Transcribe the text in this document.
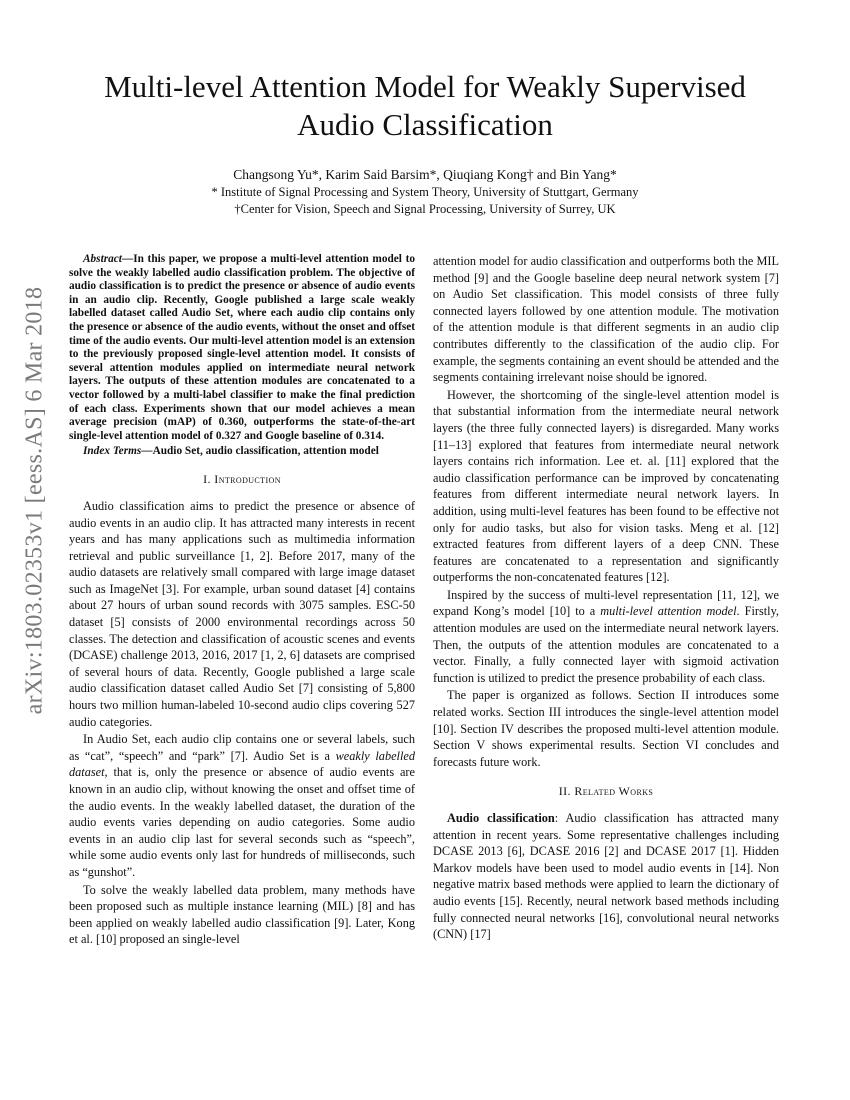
arXiv:1803.02353v1 [eess.AS] 6 Mar 2018
Multi-level Attention Model for Weakly Supervised
Audio Classification
Changsong Yu*, Karim Said Barsim*, Qiuqiang Kong† and Bin Yang*
* Institute of Signal Processing and System Theory, University of Stuttgart, Germany
†Center for Vision, Speech and Signal Processing, University of Surrey, UK

Abstract—In this paper, we propose a multi-level attention model to solve the weakly labelled audio classification problem. The objective of audio classification is to predict the presence or absence of audio events in an audio clip. Recently, Google published a large scale weakly labelled dataset called Audio Set, where each audio clip contains only the presence or absence of the audio events, without the onset and offset time of the audio events. Our multi-level attention model is an extension to the previously proposed single-level attention model. It consists of several attention modules applied on intermediate neural network layers. The outputs of these attention modules are concatenated to a vector followed by a multi-label classifier to make the final prediction of each class. Experiments shown that our model achieves a mean average precision (mAP) of 0.360, outperforms the state-of-the-art single-level attention model of 0.327 and Google baseline of 0.314.

Index Terms—Audio Set, audio classification, attention model

I. Introduction

Audio classification aims to predict the presence or absence of audio events in an audio clip. It has attracted many interests in recent years and has many applications such as multimedia information retrieval and public surveillance [1, 2]. Before 2017, many of the audio datasets are relatively small compared with large image dataset such as ImageNet [3]. For example, urban sound dataset [4] contains about 27 hours of urban sound records with 3075 samples. ESC-50 dataset [5] consists of 2000 environmental recordings across 50 classes. The detection and classification of acoustic scenes and events (DCASE) challenge 2013, 2016, 2017 [1, 2, 6] datasets are comprised of several hours of data. Recently, Google published a large scale audio classification dataset called Audio Set [7] consisting of 5,800 hours two million human-labeled 10-second audio clips covering 527 audio categories.

In Audio Set, each audio clip contains one or several labels, such as “cat”, “speech” and “park” [7]. Audio Set is a weakly labelled dataset, that is, only the presence or absence of audio events are known in an audio clip, without knowing the onset and offset time of the audio events. In the weakly labelled dataset, the duration of the audio events varies depending on audio categories. Some audio events in an audio clip last for several seconds such as “speech”, while some audio events only last for hundreds of milliseconds, such as “gunshot”.

To solve the weakly labelled data problem, many methods have been proposed such as multiple instance learning (MIL) [8] and has been applied on weakly labelled audio classification [9]. Later, Kong et al. [10] proposed an single-level

attention model for audio classification and outperforms both the MIL method [9] and the Google baseline deep neural network system [7] on Audio Set classification. This model consists of three fully connected layers followed by one attention module. The motivation of the attention module is that different segments in an audio clip contributes differently to the classification of the audio clip. For example, the segments containing an event should be attended and the segments containing irrelevant noise should be ignored.

However, the shortcoming of the single-level attention model is that substantial information from the intermediate neural network layers (the three fully connected layers) is disregarded. Many works [11–13] explored that features from intermediate neural network layers contains rich information. Lee et. al. [11] explored that the audio classification performance can be improved by concatenating features from different intermediate neural network layers. In addition, using multi-level features has been found to be effective not only for audio tasks, but also for vision tasks. Meng et al. [12] extracted features from different layers of a deep CNN. These features are concatenated to a representation and significantly outperforms the non-concatenated features [12].

Inspired by the success of multi-level representation [11, 12], we expand Kong’s model [10] to a multi-level attention model. Firstly, attention modules are used on the intermediate neural network layers. Then, the outputs of the attention modules are concatenated to a vector. Finally, a fully connected layer with sigmoid activation function is utilized to predict the presence probability of each class.

The paper is organized as follows. Section II introduces some related works. Section III introduces the single-level attention model [10]. Section IV describes the proposed multi-level attention module. Section V shows experimental results. Section VI concludes and forecasts future work.

II. Related Works

Audio classification: Audio classification has attracted many attention in recent years. Some representative challenges including DCASE 2013 [6], DCASE 2016 [2] and DCASE 2017 [1]. Hidden Markov models have been used to model audio events in [14]. Non negative matrix based methods were applied to learn the dictionary of audio events [15]. Recently, neural network based methods including fully connected neural networks [16], convolutional neural networks (CNN) [17]
